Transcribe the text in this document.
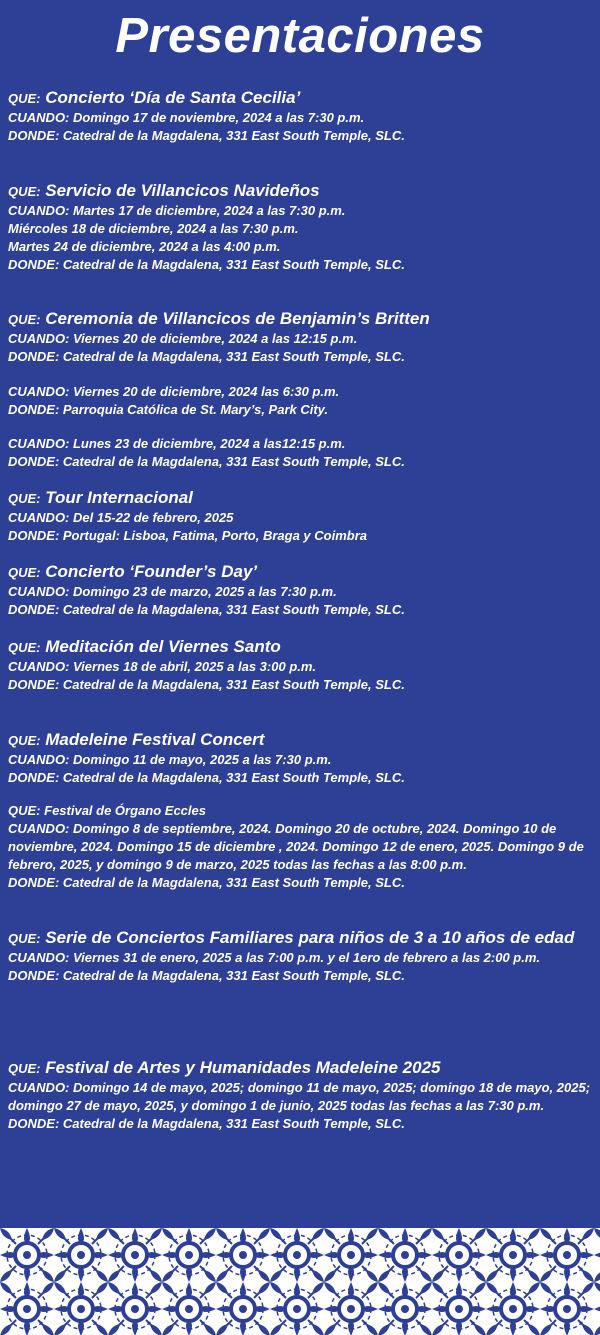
Presentaciones
QUE: Concierto ‘Día de Santa Cecilia’
CUANDO: Domingo 17 de noviembre, 2024 a las 7:30 p.m.
DONDE: Catedral de la Magdalena, 331 East South Temple, SLC.
QUE: Servicio de Villancicos Navideños
CUANDO: Martes 17 de diciembre, 2024 a las 7:30 p.m.
Miércoles 18 de diciembre, 2024 a las 7:30 p.m.
Martes 24 de diciembre, 2024 a las 4:00 p.m.
DONDE: Catedral de la Magdalena, 331 East South Temple, SLC.
QUE: Ceremonia de Villancicos de Benjamin’s Britten
CUANDO: Viernes 20 de diciembre, 2024 a las 12:15 p.m.
DONDE: Catedral de la Magdalena, 331 East South Temple, SLC.
CUANDO: Viernes 20 de diciembre, 2024 las 6:30 p.m.
DONDE: Parroquia Católica de St. Mary’s, Park City.
CUANDO: Lunes 23 de diciembre, 2024 a las12:15 p.m.
DONDE: Catedral de la Magdalena, 331 East South Temple, SLC.
QUE: Tour Internacional
CUANDO: Del 15-22 de febrero, 2025
DONDE: Portugal: Lisboa, Fatima, Porto, Braga y Coimbra
QUE: Concierto ‘Founder’s Day’
CUANDO: Domingo 23 de marzo, 2025 a las 7:30 p.m.
DONDE: Catedral de la Magdalena, 331 East South Temple, SLC.
QUE: Meditación del Viernes Santo
CUANDO: Viernes 18 de abril, 2025 a las 3:00 p.m.
DONDE: Catedral de la Magdalena, 331 East South Temple, SLC.
QUE: Madeleine Festival Concert
CUANDO: Domingo 11 de mayo, 2025 a las 7:30 p.m.
DONDE: Catedral de la Magdalena, 331 East South Temple, SLC.
QUE: Festival de Órgano Eccles
CUANDO: Domingo 8 de septiembre, 2024. Domingo 20 de octubre, 2024. Domingo 10 de noviembre, 2024. Domingo 15 de diciembre , 2024. Domingo 12 de enero, 2025. Domingo 9 de febrero, 2025, y domingo 9 de marzo, 2025 todas las fechas a las 8:00 p.m.
DONDE: Catedral de la Magdalena, 331 East South Temple, SLC.
QUE: Serie de Conciertos Familiares para niños de 3 a 10 años de edad
CUANDO: Viernes 31 de enero, 2025 a las 7:00 p.m. y el 1ero de febrero a las 2:00 p.m.
DONDE: Catedral de la Magdalena, 331 East South Temple, SLC.
QUE: Festival de Artes y Humanidades Madeleine 2025
CUANDO: Domingo 14 de mayo, 2025; domingo 11 de mayo, 2025; domingo 18 de mayo, 2025; domingo 27 de mayo, 2025, y domingo 1 de junio, 2025 todas las fechas a las 7:30 p.m.
DONDE: Catedral de la Magdalena, 331 East South Temple, SLC.
